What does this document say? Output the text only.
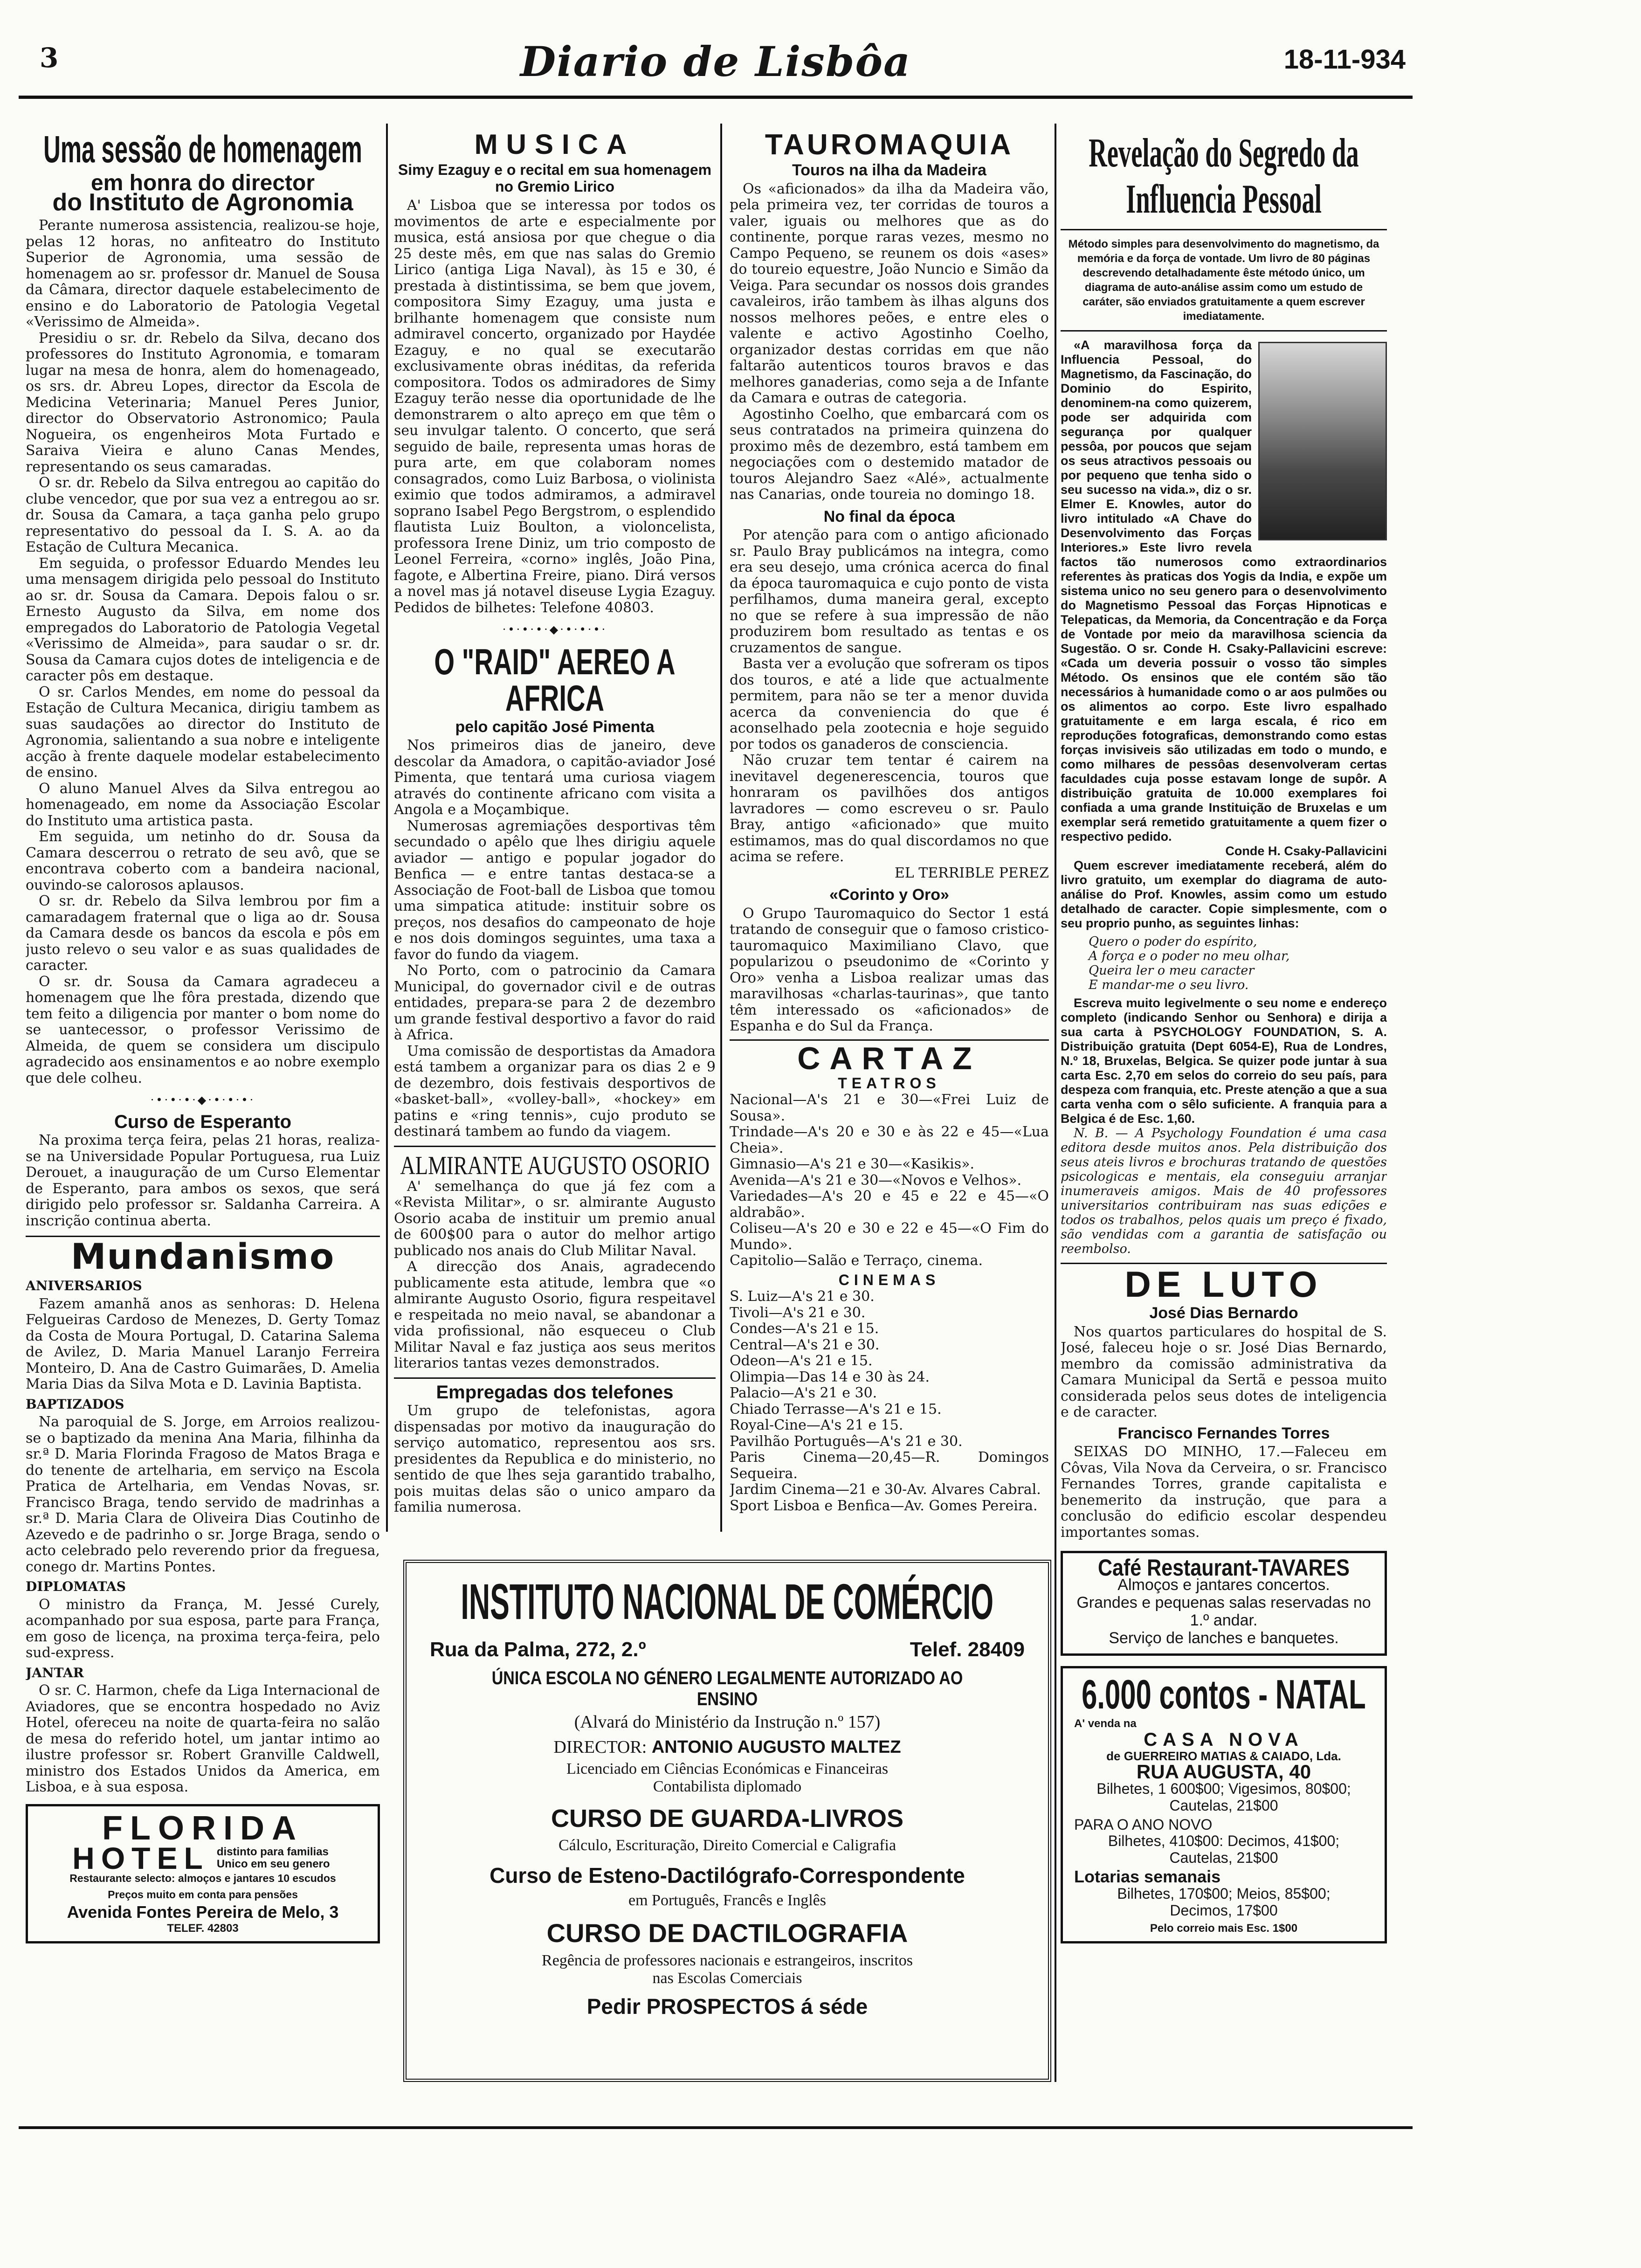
3	Diario de Lisbôa	18-11-934
Uma sessão de homenagem
em honra do director
do Instituto de Agronomia

Perante numerosa assistencia, realizou-se hoje, pelas 12 horas, no anfiteatro do Instituto Superior de Agronomia, uma sessão de homenagem ao sr. professor dr. Manuel de Sousa da Câmara, director daquele estabelecimento de ensino e do Laboratorio de Patologia Vegetal «Verissimo de Almeida».

Presidiu o sr. dr. Rebelo da Silva, decano dos professores do Instituto Agronomia, e tomaram lugar na mesa de honra, alem do homenageado, os srs. dr. Abreu Lopes, director da Escola de Medicina Veterinaria; Manuel Peres Junior, director do Observatorio Astronomico; Paula Nogueira, os engenheiros Mota Furtado e Saraiva Vieira e aluno Canas Mendes, representando os seus camaradas.

O sr. dr. Rebelo da Silva entregou ao capitão do clube vencedor, que por sua vez a entregou ao sr. dr. Sousa da Camara, a taça ganha pelo grupo representativo do pessoal da I. S. A. ao da Estação de Cultura Mecanica.

Em seguida, o professor Eduardo Mendes leu uma mensagem dirigida pelo pessoal do Instituto ao sr. dr. Sousa da Camara. Depois falou o sr. Ernesto Augusto da Silva, em nome dos empregados do Laboratorio de Patologia Vegetal «Verissimo de Almeida», para saudar o sr. dr. Sousa da Camara cujos dotes de inteligencia e de caracter pôs em destaque.

O sr. Carlos Mendes, em nome do pessoal da Estação de Cultura Mecanica, dirigiu tambem as suas saudações ao director do Instituto de Agronomia, salientando a sua nobre e inteligente acção à frente daquele modelar estabelecimento de ensino.

O aluno Manuel Alves da Silva entregou ao homenageado, em nome da Associação Escolar do Instituto uma artistica pasta.

Em seguida, um netinho do dr. Sousa da Camara descerrou o retrato de seu avô, que se encontrava coberto com a bandeira nacional, ouvindo-se calorosos aplausos.

O sr. dr. Rebelo da Silva lembrou por fim a camaradagem fraternal que o liga ao dr. Sousa da Camara desde os bancos da escola e pôs em justo relevo o seu valor e as suas qualidades de caracter.

O sr. dr. Sousa da Camara agradeceu a homenagem que lhe fôra prestada, dizendo que tem feito a diligencia por manter o bom nome do se uantecessor, o professor Verissimo de Almeida, de quem se considera um discipulo agradecido aos ensinamentos e ao nobre exemplo que dele colheu.

·•·•·•·◆·•·•·•·
Curso de Esperanto

Na proxima terça feira, pelas 21 horas, realiza-se na Universidade Popular Portuguesa, rua Luiz Derouet, a inauguração de um Curso Elementar de Esperanto, para ambos os sexos, que será dirigido pelo professor sr. Saldanha Carreira. A inscrição continua aberta.

Mundanismo

ANIVERSARIOS

Fazem amanhã anos as senhoras: D. Helena Felgueiras Cardoso de Menezes, D. Gerty Tomaz da Costa de Moura Portugal, D. Catarina Salema de Avilez, D. Maria Manuel Laranjo Ferreira Monteiro, D. Ana de Castro Guimarães, D. Amelia Maria Dias da Silva Mota e D. Lavinia Baptista.

BAPTIZADOS

Na paroquial de S. Jorge, em Arroios realizou-se o baptizado da menina Ana Maria, filhinha da sr.ª D. Maria Florinda Fragoso de Matos Braga e do tenente de artelharia, em serviço na Escola Pratica de Artelharia, em Vendas Novas, sr. Francisco Braga, tendo servido de madrinhas a sr.ª D. Maria Clara de Oliveira Dias Coutinho de Azevedo e de padrinho o sr. Jorge Braga, sendo o acto celebrado pelo reverendo prior da freguesa, conego dr. Martins Pontes.

DIPLOMATAS

O ministro da França, M. Jessé Curely, acompanhado por sua esposa, parte para França, em goso de licença, na proxima terça-feira, pelo sud-express.

JANTAR

O sr. C. Harmon, chefe da Liga Internacional de Aviadores, que se encontra hospedado no Aviz Hotel, ofereceu na noite de quarta-feira no salão de mesa do referido hotel, um jantar intimo ao ilustre professor sr. Robert Granville Caldwell, ministro dos Estados Unidos da America, em Lisboa, e à sua esposa.

FLORIDA
HOTEL distinto para familias Unico em seu genero
Restaurante selecto: almoços e jantares 10 escudos
Preços muito em conta para pensões
Avenida Fontes Pereira de Melo, 3
TELEF. 42803
MUSICA
Simy Ezaguy e o recital em sua homenagem no Gremio Lirico

A' Lisboa que se interessa por todos os movimentos de arte e especialmente por musica, está ansiosa por que chegue o dia 25 deste mês, em que nas salas do Gremio Lirico (antiga Liga Naval), às 15 e 30, é prestada à distintissima, se bem que jovem, compositora Simy Ezaguy, uma justa e brilhante homenagem que consiste num admiravel concerto, organizado por Haydée Ezaguy, e no qual se executarão exclusivamente obras inéditas, da referida compositora. Todos os admiradores de Simy Ezaguy terão nesse dia oportunidade de lhe demonstrarem o alto apreço em que têm o seu invulgar talento. O concerto, que será seguido de baile, representa umas horas de pura arte, em que colaboram nomes consagrados, como Luiz Barbosa, o violinista eximio que todos admiramos, a admiravel soprano Isabel Pego Bergstrom, o esplendido flautista Luiz Boulton, a violoncelista, professora Irene Diniz, um trio composto de Leonel Ferreira, «corno» inglês, João Pina, fagote, e Albertina Freire, piano. Dirá versos a novel mas já notavel diseuse Lygia Ezaguy. Pedidos de bilhetes: Telefone 40803.

·•·•·•·◆·•·•·•·
O "RAID" AEREO A AFRICA
pelo capitão José Pimenta

Nos primeiros dias de janeiro, deve descolar da Amadora, o capitão-aviador José Pimenta, que tentará uma curiosa viagem através do continente africano com visita a Angola e a Moçambique.

Numerosas agremiações desportivas têm secundado o apêlo que lhes dirigiu aquele aviador — antigo e popular jogador do Benfica — e entre tantas destaca-se a Associação de Foot-ball de Lisboa que tomou uma simpatica atitude: instituir sobre os preços, nos desafios do campeonato de hoje e nos dois domingos seguintes, uma taxa a favor do fundo da viagem.

No Porto, com o patrocinio da Camara Municipal, do governador civil e de outras entidades, prepara-se para 2 de dezembro um grande festival desportivo a favor do raid à Africa.

Uma comissão de desportistas da Amadora está tambem a organizar para os dias 2 e 9 de dezembro, dois festivais desportivos de «basket-ball», «volley-ball», «hockey» em patins e «ring tennis», cujo produto se destinará tambem ao fundo da viagem.

ALMIRANTE AUGUSTO OSORIO

A' semelhança do que já fez com a «Revista Militar», o sr. almirante Augusto Osorio acaba de instituir um premio anual de 600$00 para o autor do melhor artigo publicado nos anais do Club Militar Naval.

A direcção dos Anais, agradecendo publicamente esta atitude, lembra que «o almirante Augusto Osorio, figura respeitavel e respeitada no meio naval, se abandonar a vida profissional, não esqueceu o Club Militar Naval e faz justiça aos seus meritos literarios tantas vezes demonstrados.

Empregadas dos telefones

Um grupo de telefonistas, agora dispensadas por motivo da inauguração do serviço automatico, representou aos srs. presidentes da Republica e do ministerio, no sentido de que lhes seja garantido trabalho, pois muitas delas são o unico amparo da familia numerosa.

TAUROMAQUIA
Touros na ilha da Madeira

Os «aficionados» da ilha da Madeira vão, pela primeira vez, ter corridas de touros a valer, iguais ou melhores que as do continente, porque raras vezes, mesmo no Campo Pequeno, se reunem os dois «ases» do toureio equestre, João Nuncio e Simão da Veiga. Para secundar os nossos dois grandes cavaleiros, irão tambem às ilhas alguns dos nossos melhores peões, e entre eles o valente e activo Agostinho Coelho, organizador destas corridas em que não faltarão autenticos touros bravos e das melhores ganaderias, como seja a de Infante da Camara e outras de categoria.

Agostinho Coelho, que embarcará com os seus contratados na primeira quinzena do proximo mês de dezembro, está tambem em negociações com o destemido matador de touros Alejandro Saez «Alé», actualmente nas Canarias, onde toureia no domingo 18.

No final da época

Por atenção para com o antigo aficionado sr. Paulo Bray publicámos na integra, como era seu desejo, uma crónica acerca do final da época tauromaquica e cujo ponto de vista perfilhamos, duma maneira geral, excepto no que se refere à sua impressão de não produzirem bom resultado as tentas e os cruzamentos de sangue.

Basta ver a evolução que sofreram os tipos dos touros, e até a lide que actualmente permitem, para não se ter a menor duvida acerca da conveniencia do que é aconselhado pela zootecnia e hoje seguido por todos os ganaderos de consciencia.

Não cruzar tem tentar é cairem na inevitavel degenerescencia, touros que honraram os pavilhões dos antigos lavradores — como escreveu o sr. Paulo Bray, antigo «aficionado» que muito estimamos, mas do qual discordamos no que acima se refere.

EL TERRIBLE PEREZ

«Corinto y Oro»

O Grupo Tauromaquico do Sector 1 está tratando de conseguir que o famoso cristico-tauromaquico Maximiliano Clavo, que popularizou o pseudonimo de «Corinto y Oro» venha a Lisboa realizar umas das maravilhosas «charlas-taurinas», que tanto têm interessado os «aficionados» de Espanha e do Sul da França.

CARTAZ
TEATROS

Nacional—A's 21 e 30—«Frei Luiz de Sousa».

Trindade—A's 20 e 30 e às 22 e 45—«Lua Cheia».

Gimnasio—A's 21 e 30—«Kasikis».

Avenida—A's 21 e 30—«Novos e Velhos».

Variedades—A's 20 e 45 e 22 e 45—«O aldrabão».

Coliseu—A's 20 e 30 e 22 e 45—«O Fim do Mundo».

Capitolio—Salão e Terraço, cinema.

CINEMAS

S. Luiz—A's 21 e 30.

Tivoli—A's 21 e 30.

Condes—A's 21 e 15.

Central—A's 21 e 30.

Odeon—A's 21 e 15.

Olimpia—Das 14 e 30 às 24.

Palacio—A's 21 e 30.

Chiado Terrasse—A's 21 e 15.

Royal-Cine—A's 21 e 15.

Pavilhão Português—A's 21 e 30.

Paris Cinema—20,45—R. Domingos Sequeira.

Jardim Cinema—21 e 30-Av. Alvares Cabral.

Sport Lisboa e Benfica—Av. Gomes Pereira.

INSTITUTO NACIONAL DE COMÉRCIO
Rua da Palma, 272, 2.º	Telef. 28409
ÚNICA ESCOLA NO GÉNERO LEGALMENTE AUTORIZADO AO ENSINO
(Alvará do Ministério da Instrução n.º 157)
DIRECTOR: ANTONIO AUGUSTO MALTEZ
Licenciado em Ciências Económicas e Financeiras Contabilista diplomado
CURSO DE GUARDA-LIVROS
Cálculo, Escrituração, Direito Comercial e Caligrafia
Curso de Esteno-Dactilógrafo-Correspondente
em Português, Francês e Inglês
CURSO DE DACTILOGRAFIA
Regência de professores nacionais e estrangeiros, inscritos nas Escolas Comerciais
Pedir PROSPECTOS á séde
Revelação do Segredo da Influencia Pessoal

Método simples para desenvolvimento do magnetismo, da memória e da força de vontade. Um livro de 80 páginas descrevendo detalhadamente êste método único, um diagrama de auto-análise assim como um estudo de caráter, são enviados gratuitamente a quem escrever imediatamente.

«A maravilhosa força da Influencia Pessoal, do Magnetismo, da Fascinação, do Dominio do Espirito, denominem-na como quizerem, pode ser adquirida com segurança por qualquer pessôa, por poucos que sejam os seus atractivos pessoais ou por pequeno que tenha sido o seu sucesso na vida.», diz o sr. Elmer E. Knowles, autor do livro intitulado «A Chave do Desenvolvimento das Forças Interiores.» Este livro revela factos tão numerosos como extraordinarios referentes às praticas dos Yogis da India, e expõe um sistema unico no seu genero para o desenvolvimento do Magnetismo Pessoal das Forças Hipnoticas e Telepaticas, da Memoria, da Concentração e da Força de Vontade por meio da maravilhosa sciencia da Sugestão. O sr. Conde H. Csaky-Pallavicini escreve: «Cada um deveria possuir o vosso tão simples Método. Os ensinos que ele contém são tão necessários à humanidade como o ar aos pulmões ou os alimentos ao corpo. Este livro espalhado gratuitamente e em larga escala, é rico em reproduções fotograficas, demonstrando como estas forças invisiveis são utilizadas em todo o mundo, e como milhares de pessôas desenvolveram certas faculdades cuja posse estavam longe de supôr. A distribuição gratuita de 10.000 exemplares foi confiada a uma grande Instituição de Bruxelas e um exemplar será remetido gratuitamente a quem fizer o respectivo pedido.

Conde H. Csaky-Pallavicini

Quem escrever imediatamente receberá, além do livro gratuito, um exemplar do diagrama de auto-análise do Prof. Knowles, assim como um estudo detalhado de caracter. Copie simplesmente, com o seu proprio punho, as seguintes linhas:

Quero o poder do espírito,
A força e o poder no meu olhar,
Queira ler o meu caracter
E mandar-me o seu livro.

Escreva muito legivelmente o seu nome e endereço completo (indicando Senhor ou Senhora) e dirija a sua carta à PSYCHOLOGY FOUNDATION, S. A. Distribuição gratuita (Dept 6054-E), Rua de Londres, N.º 18, Bruxelas, Belgica. Se quizer pode juntar à sua carta Esc. 2,70 em selos do correio do seu país, para despeza com franquia, etc. Preste atenção a que a sua carta venha com o sêlo suficiente. A franquia para a Belgica é de Esc. 1,60.

N. B. — A Psychology Foundation é uma casa editora desde muitos anos. Pela distribuição dos seus ateis livros e brochuras tratando de questões psicologicas e mentais, ela conseguiu arranjar inumeraveis amigos. Mais de 40 professores universitarios contribuiram nas suas edições e todos os trabalhos, pelos quais um preço é fixado, são vendidas com a garantia de satisfação ou reembolso.

DE LUTO
José Dias Bernardo

Nos quartos particulares do hospital de S. José, faleceu hoje o sr. José Dias Bernardo, membro da comissão administrativa da Camara Municipal da Sertã e pessoa muito considerada pelos seus dotes de inteligencia e de caracter.

Francisco Fernandes Torres

SEIXAS DO MINHO, 17.—Faleceu em Côvas, Vila Nova da Cerveira, o sr. Francisco Fernandes Torres, grande capitalista e benemerito da instrução, que para a conclusão do edificio escolar despendeu importantes somas.

Café Restaurant-TAVARES
Almoços e jantares concertos.
Grandes e pequenas salas reservadas no 1.º andar.
Serviço de lanches e banquetes.
6.000 contos - NATAL
A' venda na
CASA NOVA
de GUERREIRO MATIAS & CAIADO, Lda.
RUA AUGUSTA, 40
Bilhetes, 1 600$00; Vigesimos, 80$00;
Cautelas, 21$00
PARA O ANO NOVO
Bilhetes, 410$00: Decimos, 41$00;
Cautelas, 21$00
Lotarias semanais
Bilhetes, 170$00; Meios, 85$00;
Decimos, 17$00
Pelo correio mais Esc. 1$00
